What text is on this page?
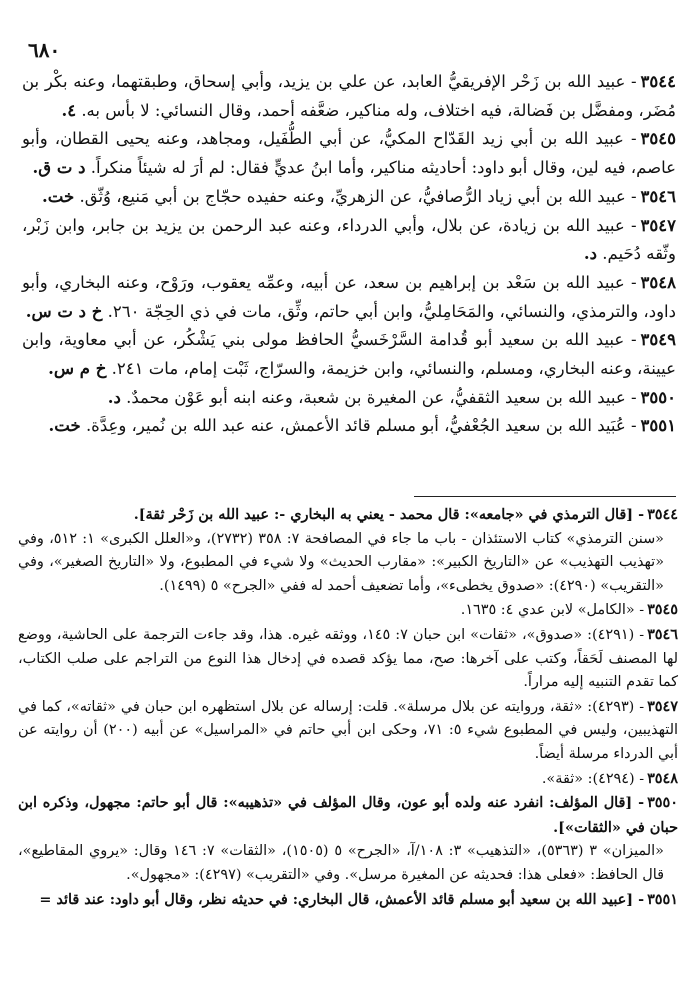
٦٨٠

٣٥٤٤- عبيد الله بن زَحْر الإفريقيُّ العابد، عن علي بن يزيد، وأبي إسحاق، وطبقتهما، وعنه بكْر بن مُضَر، ومفضَّل بن فَضالة، فيه اختلاف، وله مناكير، ضعَّفه أحمد، وقال النسائي: لا بأس به. ٤.

٣٥٤٥- عبيد الله بن أبي زيد القَدّاح المكيُّ، عن أبي الطُّفَيل، ومجاهد، وعنه يحيى القطان، وأبو عاصم، فيه لين، وقال أبو داود: أحاديثه مناكير، وأما ابنُ عديٍّ فقال: لم أرَ له شيئاً منكراً. د ت ق.

٣٥٤٦- عبيد الله بن أبي زياد الرُّصافيُّ، عن الزهريِّ، وعنه حفيده حجّاج بن أبي مَنيع، وُثّق. خت.

٣٥٤٧- عبيد الله بن زيادة، عن بلال، وأبي الدرداء، وعنه عبد الرحمن بن يزيد بن جابر، وابن زَبْر، وثّقه دُحَيم. د.

٣٥٤٨- عبيد الله بن سَعْد بن إبراهيم بن سعد، عن أبيه، وعمِّه يعقوب، ورَوْح، وعنه البخاري، وأبو داود، والترمذي، والنسائي، والمَحَامِليُّ، وابن أبي حاتم، وثِّق، مات في ذي الحِجّة ٢٦٠. خ د ت س.

٣٥٤٩- عبيد الله بن سعيد أبو قُدامة السَّرْخَسيُّ الحافظ مولى بني يَشْكُر، عن أبي معاوية، وابن عيينة، وعنه البخاري، ومسلم، والنسائي، وابن خزيمة، والسرّاج، ثَبْت إمام، مات ٢٤١. خ م س.

٣٥٥٠- عبيد الله بن سعيد الثقفيُّ، عن المغيرة بن شعبة، وعنه ابنه أبو عَوْن محمدٌ. د.

٣٥٥١- عُبَيد الله بن سعيد الجُعْفيُّ، أبو مسلم قائد الأعمش، عنه عبد الله بن نُمير، وعِدَّة. خت.

٣٥٤٤- [قال الترمذي في «جامعه»: قال محمد - يعني به البخاري -: عبيد الله بن زَحْر ثقة].
«سنن الترمذي» كتاب الاستئذان - باب ما جاء في المصافحة ٧: ٣٥٨ (٢٧٣٢)، و«العلل الكبرى» ١: ٥١٢، وفي «تهذيب التهذيب» عن «التاريخ الكبير»: «مقارب الحديث» ولا شيء في المطبوع، ولا «التاريخ الصغير»، وفي «التقريب» (٤٢٩٠): «صدوق يخطىء»، وأما تضعيف أحمد له ففي «الجرح» ٥ (١٤٩٩).

٣٥٤٥- «الكامل» لابن عدي ٤: ١٦٣٥.

٣٥٤٦- (٤٢٩١): «صدوق»، «ثقات» ابن حبان ٧: ١٤٥، ووثقه غيره. هذا، وقد جاءت الترجمة على الحاشية، ووضع لها المصنف لَحَقاً، وكتب على آخرها: صح، مما يؤكد قصده في إدخال هذا النوع من التراجم على صلب الكتاب، كما تقدم التنبيه إليه مراراً.

٣٥٤٧- (٤٢٩٣): «ثقة، وروايته عن بلال مرسلة». قلت: إرساله عن بلال استظهره ابن حبان في «ثقاته»، كما في التهذيبين، وليس في المطبوع شيء ٥: ٧١، وحكى ابن أبي حاتم في «المراسيل» عن أبيه (٢٠٠) أن روايته عن أبي الدرداء مرسلة أيضاً.

٣٥٤٨- (٤٢٩٤): «ثقة».

٣٥٥٠- [قال المؤلف: انفرد عنه ولده أبو عون، وقال المؤلف في «تذهيبه»: قال أبو حاتم: مجهول، وذكره ابن حبان في «الثقات»].
«الميزان» ٣ (٥٣٦٣)، «التذهيب» ٣: ١٠٨/آ، «الجرح» ٥ (١٥٠٥)، «الثقات» ٧: ١٤٦ وقال: «يروي المقاطيع»، قال الحافظ: «فعلى هذا: فحديثه عن المغيرة مرسل». وفي «التقريب» (٤٢٩٧): «مجهول».

٣٥٥١- [عبيد الله بن سعيد أبو مسلم قائد الأعمش، قال البخاري: في حديثه نظر، وقال أبو داود: عند قائد =
